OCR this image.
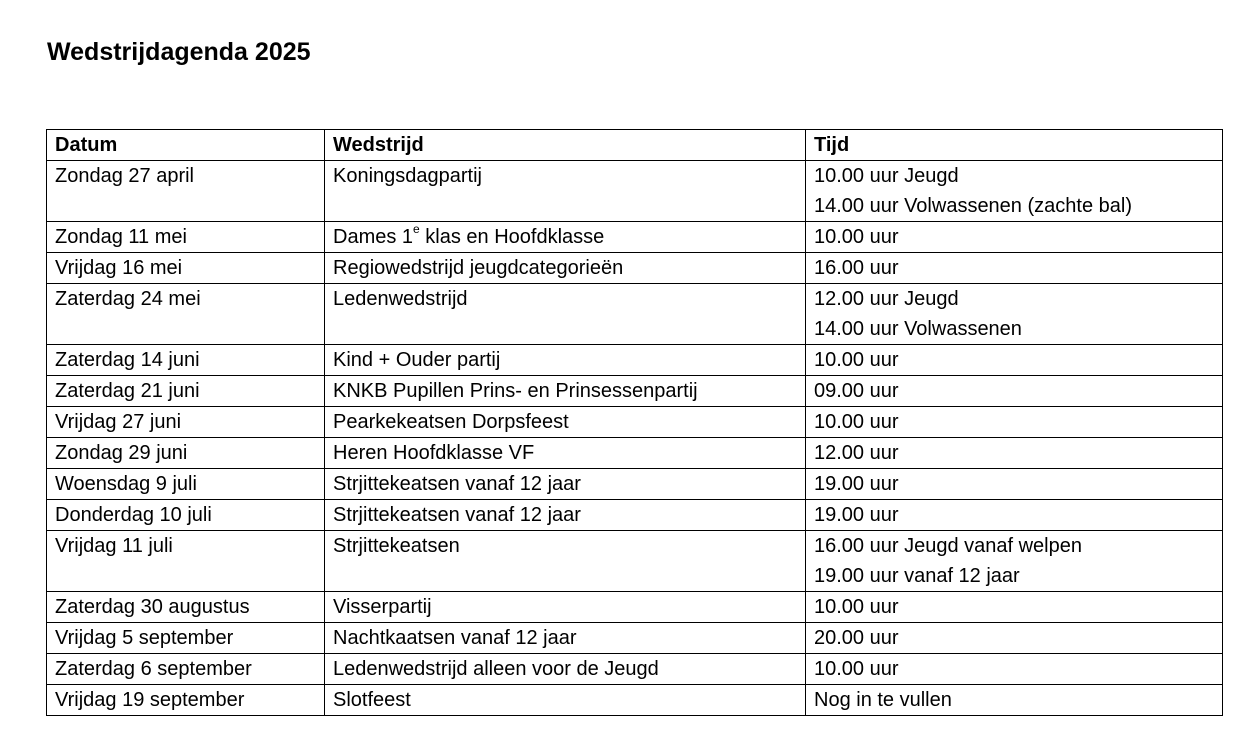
Wedstrijdagenda 2025
Datum	Wedstrijd	Tijd
Zondag 27 april	Koningsdagpartij	10.00 uur Jeugd
14.00 uur Volwassenen (zachte bal)

Zondag 11 mei	Dames 1e klas en Hoofdklasse	10.00 uur

Vrijdag 16 mei	Regiowedstrijd jeugdcategorieën	16.00 uur

Zaterdag 24 mei	Ledenwedstrijd	12.00 uur Jeugd
14.00 uur Volwassenen

Zaterdag 14 juni	Kind + Ouder partij	10.00 uur

Zaterdag 21 juni	KNKB Pupillen Prins- en Prinsessenpartij	09.00 uur

Vrijdag 27 juni	Pearkekeatsen Dorpsfeest	10.00 uur

Zondag 29 juni	Heren Hoofdklasse VF	12.00 uur

Woensdag 9 juli	Strjittekeatsen vanaf 12 jaar	19.00 uur

Donderdag 10 juli	Strjittekeatsen vanaf 12 jaar	19.00 uur

Vrijdag 11 juli	Strjittekeatsen	16.00 uur Jeugd vanaf welpen
19.00 uur vanaf 12 jaar

Zaterdag 30 augustus	Visserpartij	10.00 uur

Vrijdag 5 september	Nachtkaatsen vanaf 12 jaar	20.00 uur

Zaterdag 6 september	Ledenwedstrijd alleen voor de Jeugd	10.00 uur

Vrijdag 19 september	Slotfeest	Nog in te vullen
